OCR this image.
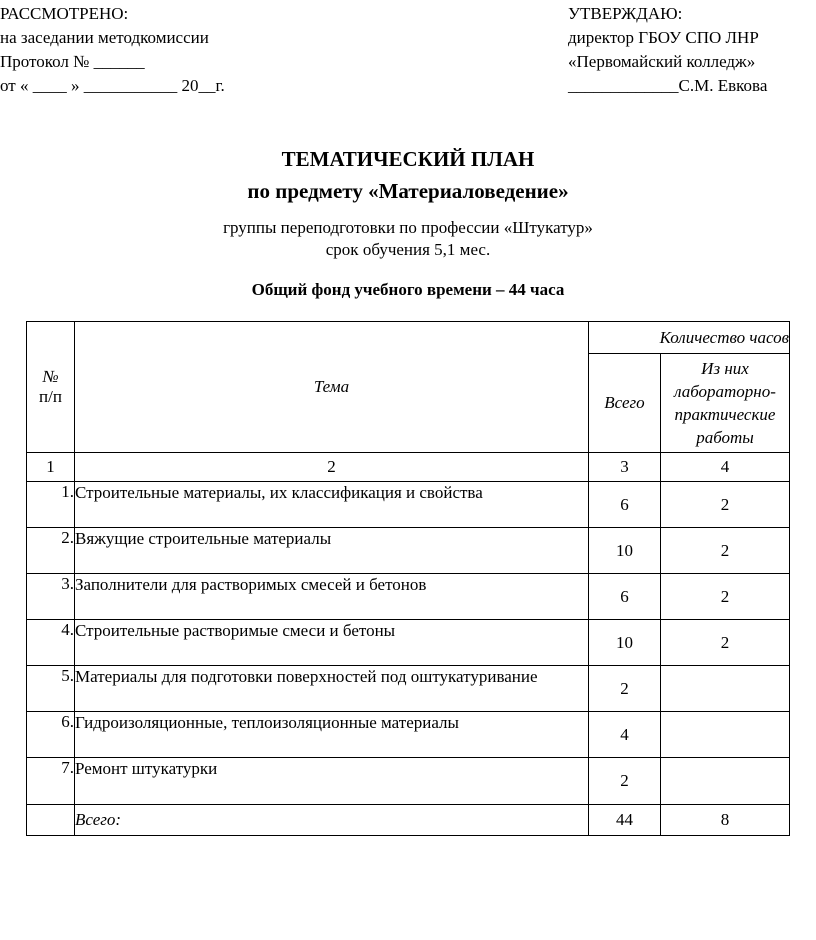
РАССМОТРЕНО:
на заседании методкомиссии
Протокол № ______
от « ____ » ___________ 20__г.
УТВЕРЖДАЮ:
директор ГБОУ СПО ЛНР
«Первомайский колледж»
_____________С.М. Евкова
ТЕМАТИЧЕСКИЙ ПЛАН
по предмету «Материаловедение»
группы переподготовки по профессии «Штукатур»
срок обучения 5,1 мес.
Общий фонд учебного времени – 44 часа
№
п/п	Тема	Количество часов	
		Всего	Из них лабораторно-практические работы
1	2	3	4
1.	Строительные материалы, их классификация и свойства	6	2
2.	Вяжущие строительные материалы	10	2
3.	Заполнители для растворимых смесей и бетонов	6	2
4.	Строительные растворимые смеси и бетоны	10	2
5.	Материалы для подготовки поверхностей под оштукатуривание	2	
6.	Гидроизоляционные, теплоизоляционные материалы	4	
7.	Ремонт штукатурки	2	
	Всего:	44	8
